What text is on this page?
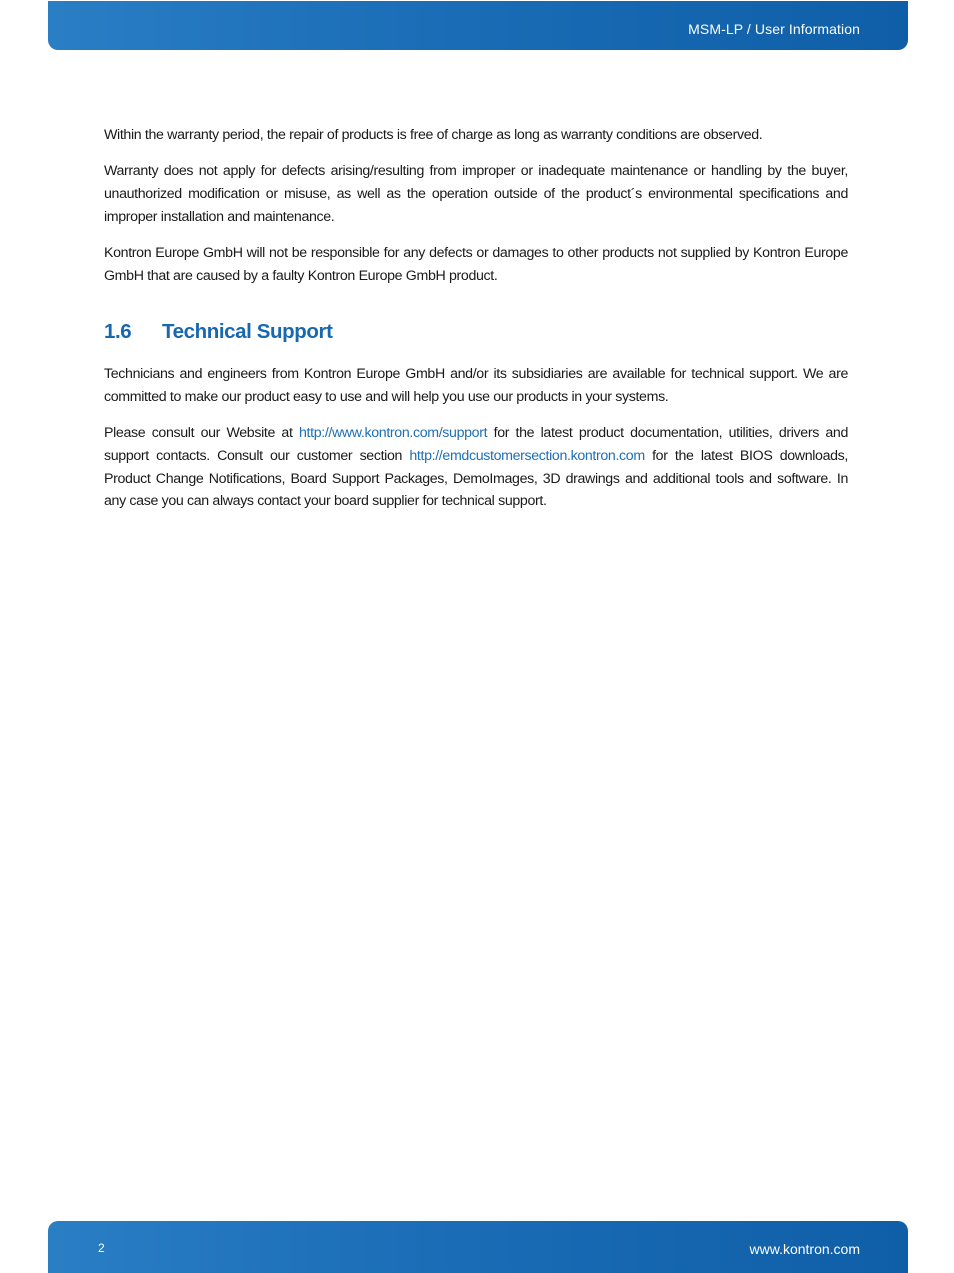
MSM-LP / User Information

Within the warranty period, the repair of products is free of charge as long as warranty conditions are observed.

Warranty does not apply for defects arising/resulting from improper or inadequate maintenance or handling by the buyer, unauthorized modification or misuse, as well as the operation outside of the product´s environmental specifications and improper installation and maintenance.

Kontron Europe GmbH will not be responsible for any defects or damages to other products not supplied by Kontron Europe GmbH that are caused by a faulty Kontron Europe GmbH product.

1.6 Technical Support

Technicians and engineers from Kontron Europe GmbH and/or its subsidiaries are available for technical support. We are committed to make our product easy to use and will help you use our products in your systems.

Please consult our Website at http://www.kontron.com/support for the latest product documentation, utilities, drivers and support contacts. Consult our customer section http://emdcustomersection.kontron.com for the latest BIOS downloads, Product Change Notifications, Board Support Packages, DemoImages, 3D drawings and additional tools and software. In any case you can always contact your board supplier for technical support.

2	www.kontron.com
